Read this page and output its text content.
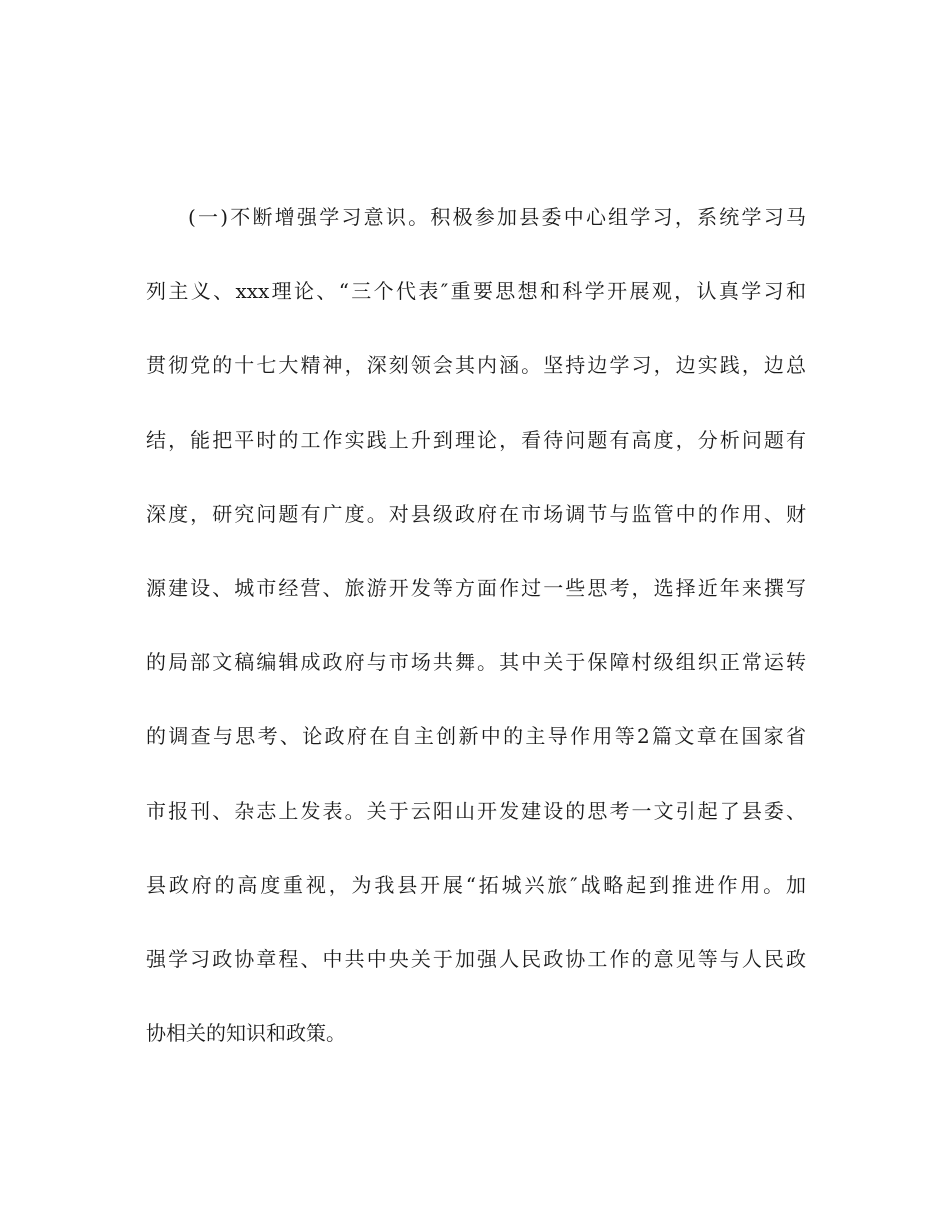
(一)不断增强学习意识。积极参加县委中心组学习，系统学习马
列主义、xxx理论、“三个代表″重要思想和科学开展观，认真学习和
贯彻党的十七大精神，深刻领会其内涵。坚持边学习，边实践，边总
结，能把平时的工作实践上升到理论，看待问题有高度，分析问题有
深度，研究问题有广度。对县级政府在市场调节与监管中的作用、财
源建设、城市经营、旅游开发等方面作过一些思考，选择近年来撰写
的局部文稿编辑成政府与市场共舞。其中关于保障村级组织正常运转
的调查与思考、论政府在自主创新中的主导作用等2篇文章在国家省
市报刊、杂志上发表。关于云阳山开发建设的思考一文引起了县委、
县政府的高度重视，为我县开展“拓城兴旅″战略起到推进作用。加
强学习政协章程、中共中央关于加强人民政协工作的意见等与人民政
协相关的知识和政策。
